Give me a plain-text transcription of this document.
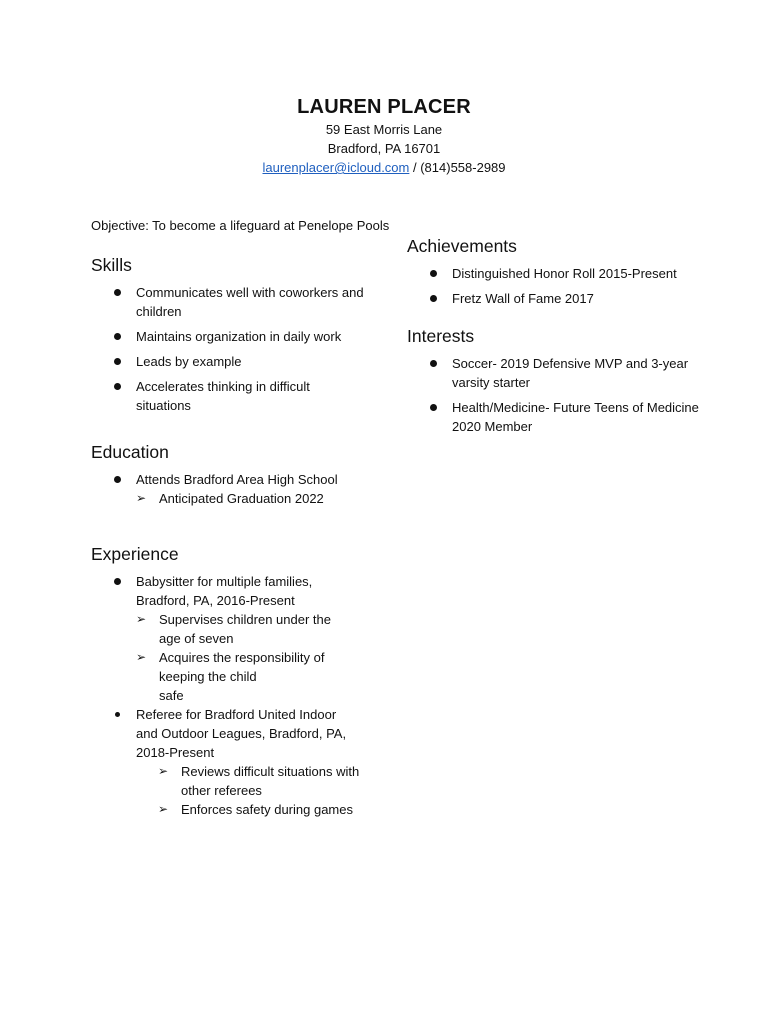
LAUREN PLACER
59 East Morris Lane
Bradford, PA 16701
laurenplacer@icloud.com / (814)558-2989
Objective: To become a lifeguard at Penelope Pools
Skills
Communicates well with coworkers and children
Maintains organization in daily work
Leads by example
Accelerates thinking in difficult situations
Education
Attends Bradford Area High School
➢ Anticipated Graduation 2022
Experience
Babysitter for multiple families, Bradford, PA, 2016-Present
➢ Supervises children under the age of seven
➢ Acquires the responsibility of keeping the child
safe
Referee for Bradford United Indoor and Outdoor Leagues, Bradford, PA, 2018-Present
➢ Reviews difficult situations with other referees
➢ Enforces safety during games
Achievements
Distinguished Honor Roll 2015-Present
Fretz Wall of Fame 2017
Interests
Soccer- 2019 Defensive MVP and 3-year varsity starter
Health/Medicine- Future Teens of Medicine 2020 Member
